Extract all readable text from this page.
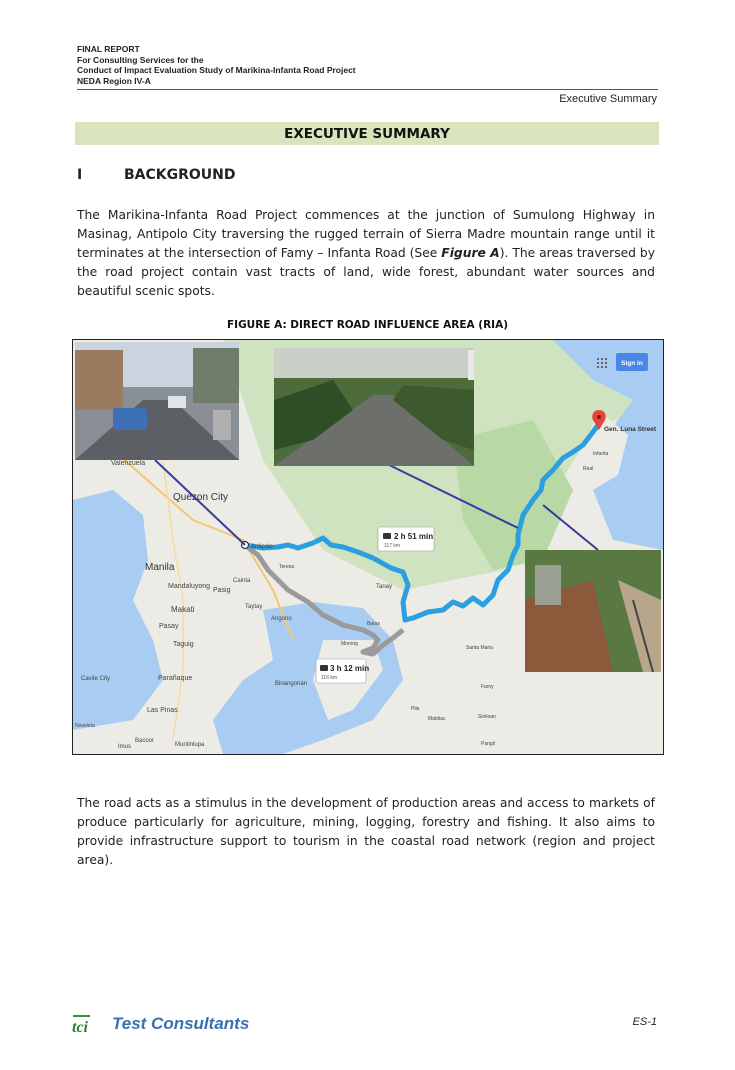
FINAL REPORT
For Consulting Services for the
Conduct of Impact Evaluation Study of Marikina-Infanta Road Project
NEDA Region IV-A
Executive Summary
EXECUTIVE SUMMARY
I	BACKGROUND
The Marikina-Infanta Road Project commences at the junction of Sumulong Highway in Masinag, Antipolo City traversing the rugged terrain of Sierra Madre mountain range until it terminates at the intersection of Famy – Infanta Road (See Figure A). The areas traversed by the road project contain vast tracts of land, wide forest, abundant water sources and beautiful scenic spots.
FIGURE A: DIRECT ROAD INFLUENCE AREA (RIA)
2 h 51 min
117 km
3 h 12 min
116 km
Valenzuela
Quezon City
Antipolo
Manila
Mandaluyong
Pasig
Cainta
Makati	Taytay
Pasay
Angono
Taguig
Cavite City	Parañaque
Las Pinas
Bacoor
Muntinlupa
Imus
Noveleta
Binangonan
Tanay
Baras
Morong
Santa Maria
Famy
Pila
Mabitac
Infanta
Siniloan
Pangil
Real
Teresa
Gen. Luna Street
Sign in
The road acts as a stimulus in the development of production areas and access to markets of produce particularly for agriculture, mining, logging, forestry and fishing. It also aims to provide infrastructure support to tourism in the coastal road network (region and project area).
tci Test Consultants	ES-1
